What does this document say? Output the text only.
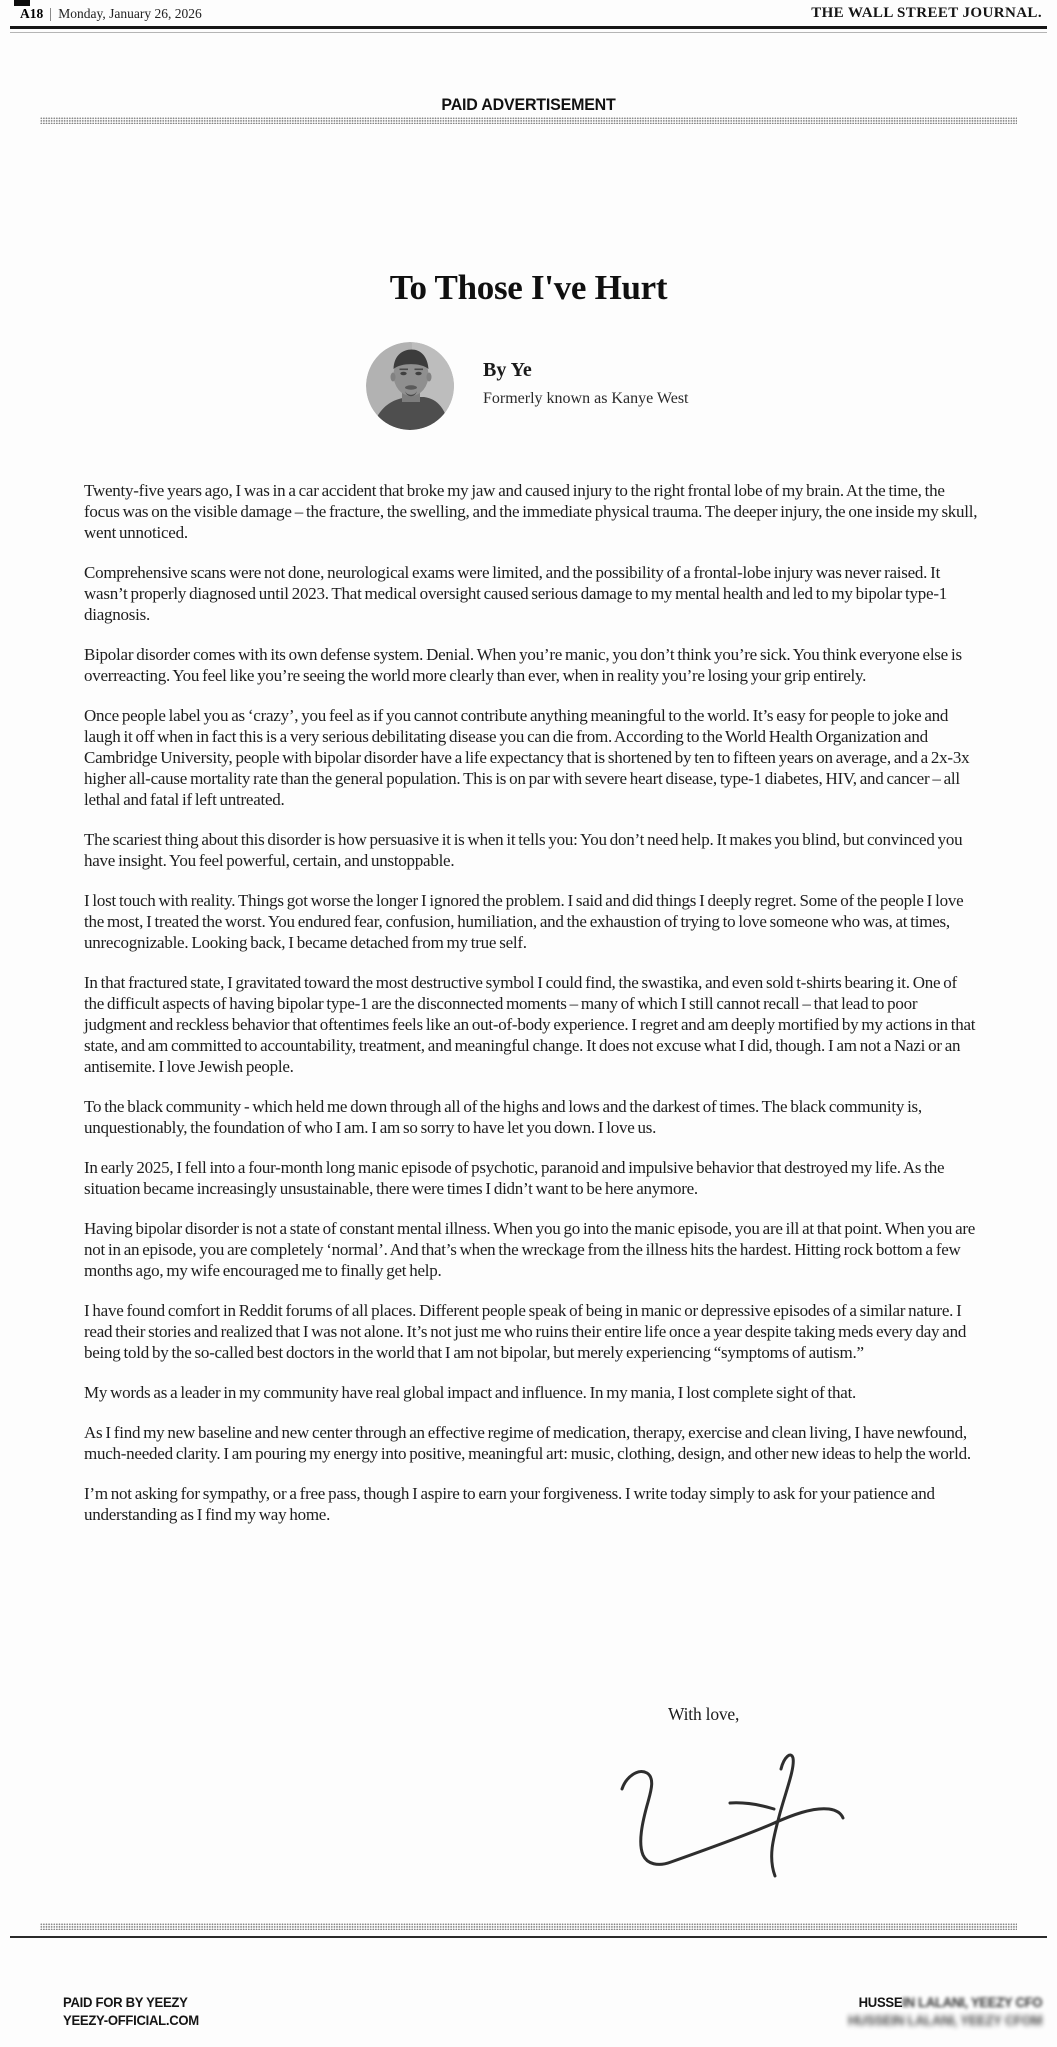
A18 Monday, January 26, 2026	THE WALL STREET JOURNAL.
PAID ADVERTISEMENT
To Those I've Hurt
By Ye
Formerly known as Kanye West

Twenty-five years ago, I was in a car accident that broke my jaw and caused injury to the right frontal lobe of my brain. At the time, the focus was on the visible damage – the fracture, the swelling, and the immediate physical trauma. The deeper injury, the one inside my skull, went unnoticed.

Comprehensive scans were not done, neurological exams were limited, and the possibility of a frontal-lobe injury was never raised. It wasn’t properly diagnosed until 2023. That medical oversight caused serious damage to my mental health and led to my bipolar type-1 diagnosis.

Bipolar disorder comes with its own defense system. Denial. When you’re manic, you don’t think you’re sick. You think everyone else is overreacting. You feel like you’re seeing the world more clearly than ever, when in reality you’re losing your grip entirely.

Once people label you as ‘crazy’, you feel as if you cannot contribute anything meaningful to the world. It’s easy for people to joke and laugh it off when in fact this is a very serious debilitating disease you can die from. According to the World Health Organization and Cambridge University, people with bipolar disorder have a life expectancy that is shortened by ten to fifteen years on average, and a 2x-3x higher all-cause mortality rate than the general population. This is on par with severe heart disease, type-1 diabetes, HIV, and cancer – all lethal and fatal if left untreated.

The scariest thing about this disorder is how persuasive it is when it tells you: You don’t need help. It makes you blind, but convinced you have insight. You feel powerful, certain, and unstoppable.

I lost touch with reality. Things got worse the longer I ignored the problem. I said and did things I deeply regret. Some of the people I love the most, I treated the worst. You endured fear, confusion, humiliation, and the exhaustion of trying to love someone who was, at times, unrecognizable. Looking back, I became detached from my true self.

In that fractured state, I gravitated toward the most destructive symbol I could find, the swastika, and even sold t-shirts bearing it. One of the difficult aspects of having bipolar type-1 are the disconnected moments – many of which I still cannot recall – that lead to poor judgment and reckless behavior that oftentimes feels like an out-of-body experience. I regret and am deeply mortified by my actions in that state, and am committed to accountability, treatment, and meaningful change. It does not excuse what I did, though. I am not a Nazi or an antisemite. I love Jewish people.

To the black community - which held me down through all of the highs and lows and the darkest of times. The black community is, unquestionably, the foundation of who I am. I am so sorry to have let you down. I love us.

In early 2025, I fell into a four-month long manic episode of psychotic, paranoid and impulsive behavior that destroyed my life. As the situation became increasingly unsustainable, there were times I didn’t want to be here anymore.

Having bipolar disorder is not a state of constant mental illness. When you go into the manic episode, you are ill at that point. When you are not in an episode, you are completely ‘normal’. And that’s when the wreckage from the illness hits the hardest. Hitting rock bottom a few months ago, my wife encouraged me to finally get help.

I have found comfort in Reddit forums of all places. Different people speak of being in manic or depressive episodes of a similar nature. I read their stories and realized that I was not alone. It’s not just me who ruins their entire life once a year despite taking meds every day and being told by the so-called best doctors in the world that I am not bipolar, but merely experiencing “symptoms of autism.”

My words as a leader in my community have real global impact and influence. In my mania, I lost complete sight of that.

As I find my new baseline and new center through an effective regime of medication, therapy, exercise and clean living, I have newfound, much-needed clarity. I am pouring my energy into positive, meaningful art: music, clothing, design, and other new ideas to help the world.

I’m not asking for sympathy, or a free pass, though I aspire to earn your forgiveness. I write today simply to ask for your patience and understanding as I find my way home.

With love,
PAID FOR BY YEEZY
YEEZY-OFFICIAL.COM
HUSSEIN LALANI, YEEZY CFO
HUSSEIN LALANI, YEEZY CFOM
